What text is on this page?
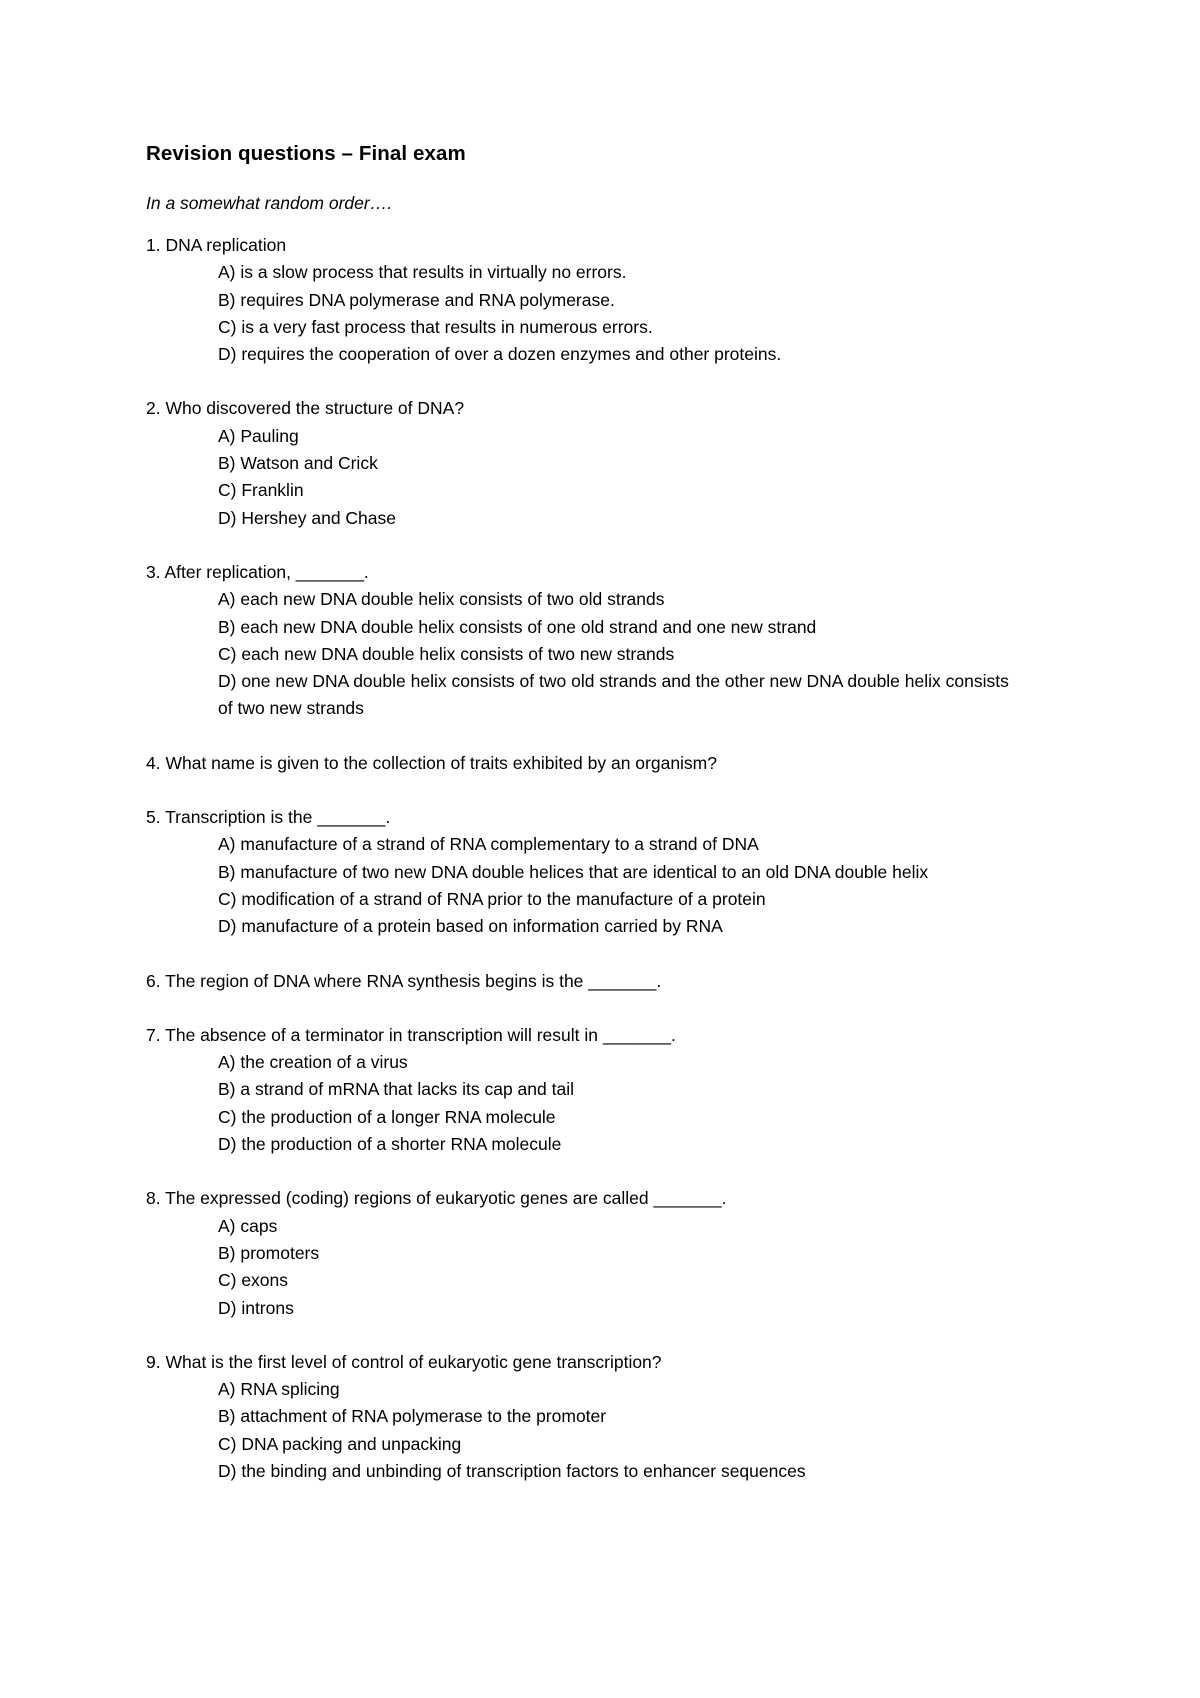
Revision questions – Final exam
In a somewhat random order….
1. DNA replication
A) is a slow process that results in virtually no errors.
B) requires DNA polymerase and RNA polymerase.
C) is a very fast process that results in numerous errors.
D) requires the cooperation of over a dozen enzymes and other proteins.
2. Who discovered the structure of DNA?
A) Pauling
B) Watson and Crick
C) Franklin
D) Hershey and Chase
3. After replication, _______.
A) each new DNA double helix consists of two old strands
B) each new DNA double helix consists of one old strand and one new strand
C) each new DNA double helix consists of two new strands
D) one new DNA double helix consists of two old strands and the other new DNA double helix consists of two new strands
4. What name is given to the collection of traits exhibited by an organism?
5. Transcription is the _______.
A) manufacture of a strand of RNA complementary to a strand of DNA
B) manufacture of two new DNA double helices that are identical to an old DNA double helix
C) modification of a strand of RNA prior to the manufacture of a protein
D) manufacture of a protein based on information carried by RNA
6. The region of DNA where RNA synthesis begins is the _______.
7. The absence of a terminator in transcription will result in _______.
A) the creation of a virus
B) a strand of mRNA that lacks its cap and tail
C) the production of a longer RNA molecule
D) the production of a shorter RNA molecule
8. The expressed (coding) regions of eukaryotic genes are called _______.
A) caps
B) promoters
C) exons
D) introns
9. What is the first level of control of eukaryotic gene transcription?
A) RNA splicing
B) attachment of RNA polymerase to the promoter
C) DNA packing and unpacking
D) the binding and unbinding of transcription factors to enhancer sequences
